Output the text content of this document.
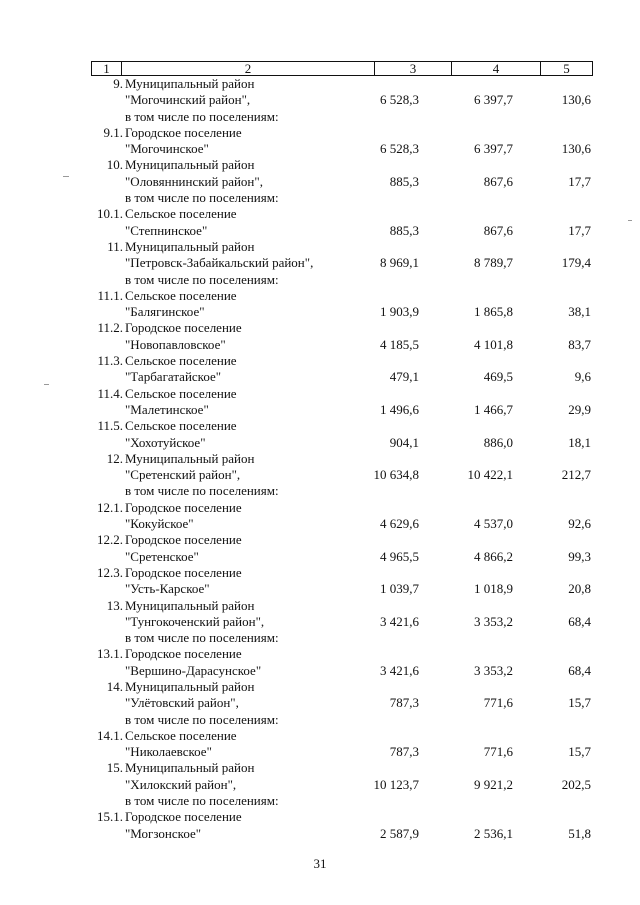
1	2	3	4	5
9. Муниципальный район
"Могочинский район",	6 528,3	6 397,7	130,6
в том числе по поселениям:
9.1. Городское поселение
"Могочинское"	6 528,3	6 397,7	130,6
10. Муниципальный район
"Оловяннинский район",	885,3	867,6	17,7
в том числе по поселениям:
10.1. Сельское поселение
"Степнинское"	885,3	867,6	17,7
11. Муниципальный район
"Петровск-Забайкальский район",	8 969,1	8 789,7	179,4
в том числе по поселениям:
11.1. Сельское поселение
"Балягинское"	1 903,9	1 865,8	38,1
11.2. Городское поселение
"Новопавловское"	4 185,5	4 101,8	83,7
11.3. Сельское поселение
"Тарбагатайское"	479,1	469,5	9,6
11.4. Сельское поселение
"Малетинское"	1 496,6	1 466,7	29,9
11.5. Сельское поселение
"Хохотуйское"	904,1	886,0	18,1
12. Муниципальный район
"Сретенский район",	10 634,8	10 422,1	212,7
в том числе по поселениям:
12.1. Городское поселение
"Кокуйское"	4 629,6	4 537,0	92,6
12.2. Городское поселение
"Сретенское"	4 965,5	4 866,2	99,3
12.3. Городское поселение
"Усть-Карское"	1 039,7	1 018,9	20,8
13. Муниципальный район
"Тунгокоченский район",	3 421,6	3 353,2	68,4
в том числе по поселениям:
13.1. Городское поселение
"Вершино-Дарасунское"	3 421,6	3 353,2	68,4
14. Муниципальный район
"Улётовский район",	787,3	771,6	15,7
в том числе по поселениям:
14.1. Сельское поселение
"Николаевское"	787,3	771,6	15,7
15. Муниципальный район
"Хилокский район",	10 123,7	9 921,2	202,5
в том числе по поселениям:
15.1. Городское поселение
"Могзонское"	2 587,9	2 536,1	51,8
31
